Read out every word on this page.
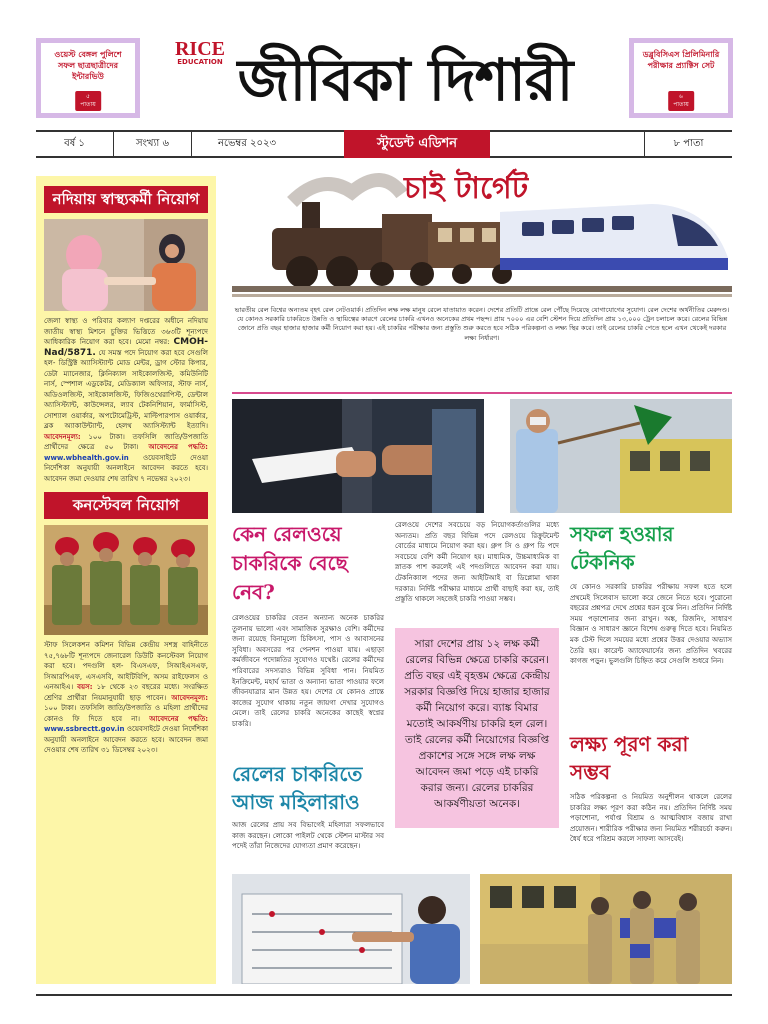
ওয়েস্ট বেঙ্গল পুলিশে সফল ছাত্রছাত্রীদের ইন্টারভিউ
৫
পাতায়
RICE
EDUCATION জীবিকা দিশারী	ডব্লুবিসিএস প্রিলিমিনারি পরীক্ষার প্র্যাক্টিস সেট
৬
পাতায়
বর্ষ ১	সংখ্যা ৬	নভেম্বর ২০২৩	স্টুডেন্ট এডিশন	৮ পাতা
নদিয়ায় স্বাস্থ্যকর্মী নিয়োগ
জেলা স্বাস্থ্য ও পরিবার কল্যাণ দপ্তরের অধীনে নদিয়ায় জাতীয় স্বাস্থ্য মিশনে চুক্তির ভিত্তিতে ৩৬৩টি শূন্যপদে আধিকারিক নিয়োগ করা হবে। মেমো নম্বর: CMOH-Nad/5871. যে সমস্ত পদে নিয়োগ করা হবে সেগুলি হল- ডিস্ট্রিক্ট অ্যাসিস্ট্যান্ট মোড মেন্টর, ড্রাগ স্টোর কিপার, ডেটা ম্যানেজার, ক্লিনিক্যাল সাইকোলজিস্ট, কমিউনিটি নার্স, স্পেশাল এডুকেটর, মেডিক্যাল অফিসার, স্টাফ নার্স, অডিওলজিস্ট, সাইকোলজিস্ট, ফিজিওথেরাপিস্ট, ডেন্টাল অ্যাসিস্ট্যান্ট, কাউন্সেলর, ল্যাব টেকনিশিয়ান, ফার্মাসিস্ট, সোশ্যাল ওয়ার্কার, অপটোমেট্রিস্ট, মাল্টিপারপাস ওয়ার্কার, ব্লক অ্যাকাউন্ট্যান্ট, হেলথ অ্যাসিস্ট্যান্ট ইত্যাদি। আবেদনমূল্য: ১০০ টাকা। তফসিলি জাতি/উপজাতি প্রার্থীদের ক্ষেত্রে ৫০ টাকা। আবেদনের পদ্ধতি: www.wbhealth.gov.in ওয়েবসাইটে দেওয়া নির্দেশিকা অনুযায়ী অনলাইনে আবেদন করতে হবে। আবেদন জমা দেওয়ার শেষ তারিখ ৭ নভেম্বর ২০২৩।
কনস্টেবল নিয়োগ
স্টাফ সিলেকশন কমিশন বিভিন্ন কেন্দ্রীয় সশস্ত্র বাহিনীতে ৭৫,৭৬৮টি শূন্যপদে জেনারেল ডিউটি কনস্টেবল নিয়োগ করা হবে। পদগুলি হল- বিএসএফ, সিআইএসএফ, সিআরপিএফ, এসএসবি, আইটিবিপি, অসম রাইফেলস ও এনআইএ। বয়স: ১৮ থেকে ২৩ বছরের মধ্যে। সংরক্ষিত শ্রেণির প্রার্থীরা নিয়মানুযায়ী ছাড় পাবেন। আবেদনমূল্য: ১০০ টাকা। তফসিলি জাতি/উপজাতি ও মহিলা প্রার্থীদের কোনও ফি দিতে হবে না। আবেদনের পদ্ধতি: www.ssbrectt.gov.in ওয়েবসাইটে দেওয়া নির্দেশিকা অনুযায়ী অনলাইনে আবেদন করতে হবে। আবেদন জমা দেওয়ার শেষ তারিখ ৩১ ডিসেম্বর ২০২৩।
চাই টার্গেট
ভারতীয় রেল বিশ্বের অন্যতম বৃহৎ রেল নেটওয়ার্ক। প্রতিদিন লক্ষ লক্ষ মানুষ রেলে যাতায়াত করেন। দেশের প্রতিটি প্রান্তে রেল পৌঁছে দিয়েছে যোগাযোগের সুযোগ। রেল দেশের অর্থনীতির মেরুদণ্ড। যে কোনও সরকারি চাকরিতে উন্নতি ও স্থায়িত্বের কারণে রেলের চাকরি এখনও অনেকের প্রথম পছন্দ। প্রায় ৭০০০ এর বেশি স্টেশন দিয়ে প্রতিদিন প্রায় ১৩,০০০ ট্রেন চলাচল করে। রেলের বিভিন্ন জোনে প্রতি বছর হাজার হাজার কর্মী নিয়োগ করা হয়। এই চাকরির পরীক্ষার জন্য প্রস্তুতি শুরু করতে হবে সঠিক পরিকল্পনা ও লক্ষ্য স্থির করে। তাই রেলের চাকরি পেতে হলে এখন থেকেই দরকার লক্ষ্য নির্ধারণ।
কেন রেলওয়ে চাকরিকে বেছে নেব?
রেলওয়ের চাকরির বেতন অন্যান্য অনেক চাকরির তুলনায় ভালো এবং সামাজিক সুরক্ষাও বেশি। কর্মীদের জন্য রয়েছে বিনামূল্যে চিকিৎসা, পাস ও আবাসনের সুবিধা। অবসরের পর পেনশন পাওয়া যায়। এছাড়া কর্মজীবনে পদোন্নতির সুযোগও যথেষ্ট। রেলের কর্মীদের পরিবারের সদস্যরাও বিভিন্ন সুবিধা পান। নিয়মিত ইনক্রিমেন্ট, মহার্ঘ ভাতা ও অন্যান্য ভাতা পাওয়ার ফলে জীবনযাত্রার মান উন্নত হয়। দেশের যে কোনও প্রান্তে কাজের সুযোগ থাকায় নতুন জায়গা দেখার সুযোগও মেলে। তাই রেলের চাকরি অনেকের কাছেই স্বপ্নের চাকরি।
রেলওয়ে দেশের সবচেয়ে বড় নিয়োগকর্তাগুলির মধ্যে অন্যতম। প্রতি বছর বিভিন্ন পদে রেলওয়ে রিক্রুটমেন্ট বোর্ডের মাধ্যমে নিয়োগ করা হয়। গ্রুপ সি ও গ্রুপ ডি পদে সবচেয়ে বেশি কর্মী নিয়োগ হয়। মাধ্যমিক, উচ্চমাধ্যমিক বা স্নাতক পাশ করলেই এই পদগুলিতে আবেদন করা যায়। টেকনিক্যাল পদের জন্য আইটিআই বা ডিপ্লোমা থাকা দরকার। নির্দিষ্ট পরীক্ষার মাধ্যমে প্রার্থী বাছাই করা হয়, তাই প্রস্তুতি থাকলে সহজেই চাকরি পাওয়া সম্ভব।
সারা দেশের প্রায় ১২ লক্ষ কর্মী রেলের বিভিন্ন ক্ষেত্রে চাকরি করেন। প্রতি বছর এই বৃহত্তম ক্ষেত্রে কেন্দ্রীয় সরকার বিজ্ঞপ্তি দিয়ে হাজার হাজার কর্মী নিয়োগ করে। ব্যাঙ্ক বিমার মতোই আকর্ষণীয় চাকরি হল রেল। তাই রেলের কর্মী নিয়োগের বিজ্ঞপ্তি প্রকাশের সঙ্গে সঙ্গে লক্ষ লক্ষ আবেদন জমা পড়ে এই চাকরি করার জন্য। রেলের চাকরির আকর্ষণীয়তা অনেক।
সফল হওয়ার টেকনিক
যে কোনও সরকারি চাকরির পরীক্ষায় সফল হতে হলে প্রথমেই সিলেবাস ভালো করে জেনে নিতে হবে। পুরোনো বছরের প্রশ্নপত্র দেখে প্রশ্নের ধরন বুঝে নিন। প্রতিদিন নির্দিষ্ট সময় পড়াশোনার জন্য রাখুন। অঙ্ক, রিজনিং, সাধারণ বিজ্ঞান ও সাধারণ জ্ঞানে বিশেষ গুরুত্ব দিতে হবে। নিয়মিত মক টেস্ট দিলে সময়ের মধ্যে প্রশ্নের উত্তর দেওয়ার অভ্যাস তৈরি হয়। কারেন্ট অ্যাফেয়ার্সের জন্য প্রতিদিন খবরের কাগজ পড়ুন। ভুলগুলি চিহ্নিত করে সেগুলি শুধরে নিন।
লক্ষ্য পূরণ করা সম্ভব
সঠিক পরিকল্পনা ও নিয়মিত অনুশীলন থাকলে রেলের চাকরির লক্ষ্য পূরণ করা কঠিন নয়। প্রতিদিন নির্দিষ্ট সময় পড়াশোনা, পর্যাপ্ত বিশ্রাম ও আত্মবিশ্বাস বজায় রাখা প্রয়োজন। শারীরিক পরীক্ষার জন্য নিয়মিত শরীরচর্চা করুন। ধৈর্য ধরে পরিশ্রম করলে সাফল্য আসবেই।
রেলের চাকরিতে আজ মহিলারাও
আজ রেলের প্রায় সব বিভাগেই মহিলারা সফলভাবে কাজ করছেন। লোকো পাইলট থেকে স্টেশন মাস্টার সব পদেই তাঁরা নিজেদের যোগ্যতা প্রমাণ করেছেন।
